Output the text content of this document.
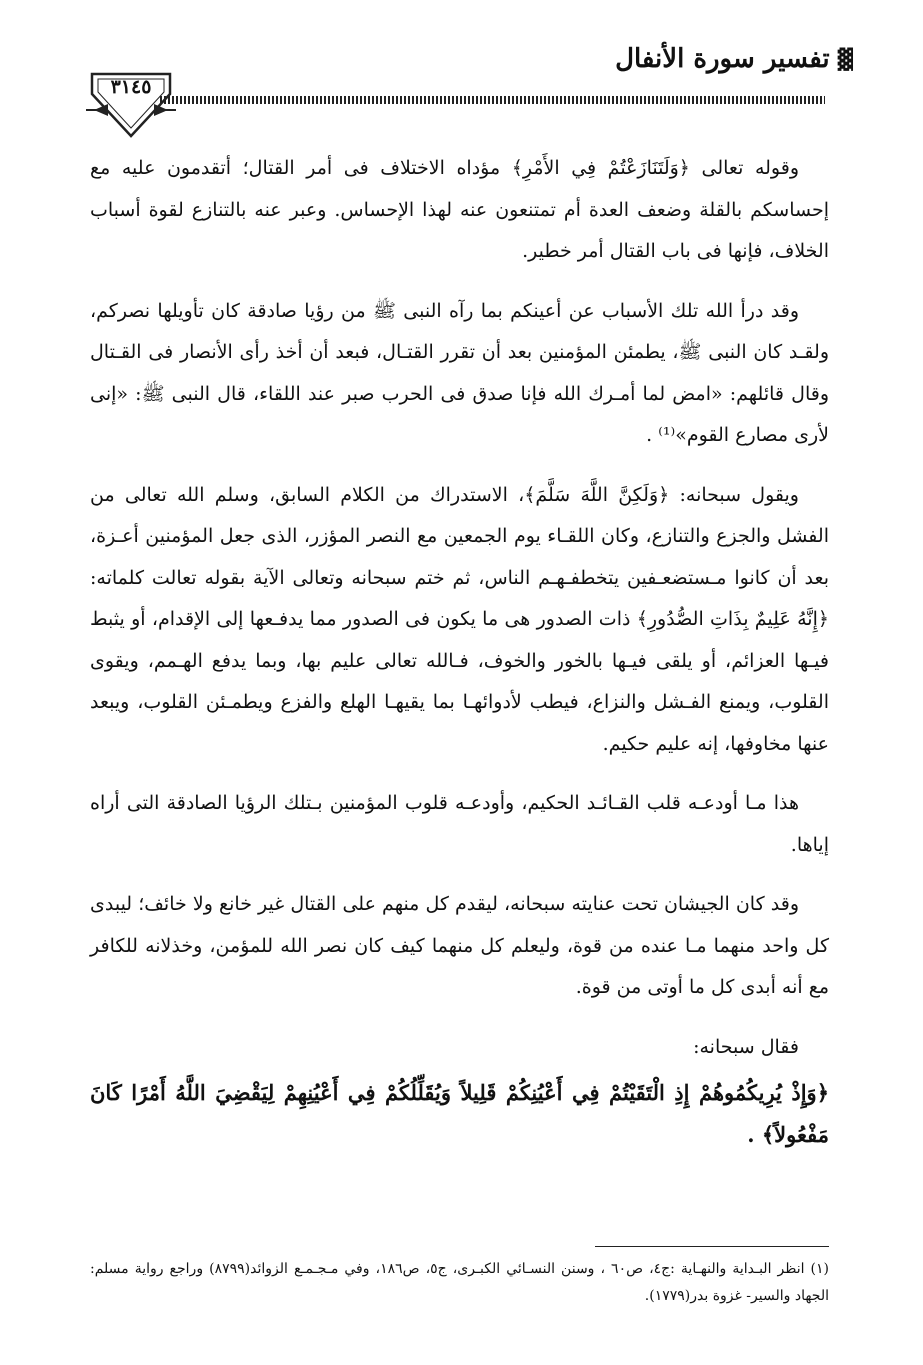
▓
تفسير سورة الأنفال
٣١٤٥

وقوله تعالى ﴿وَلَتَنَازَعْتُمْ فِي الأَمْرِ﴾ مؤداه الاختلاف فى أمر القتال؛ أتقدمون عليه مع إحساسكم بالقلة وضعف العدة أم تمتنعون عنه لهذا الإحساس. وعبر عنه بالتنازع لقوة أسباب الخلاف، فإنها فى باب القتال أمر خطير.

وقد درأ الله تلك الأسباب عن أعينكم بما رآه النبى ﷺ من رؤيا صادقة كان تأويلها نصركم، ولقـد كان النبى ﷺ، يطمئن المؤمنين بعد أن تقرر القتـال، فبعد أن أخذ رأى الأنصار فى القـتال وقال قائلهم: «امض لما أمـرك الله فإنا صدق فى الحرب صبر عند اللقاء، قال النبى ﷺ: «إنى لأرى مصارع القوم»⁽¹⁾ .

ويقول سبحانه: ﴿وَلَكِنَّ اللَّهَ سَلَّمَ﴾، الاستدراك من الكلام السابق، وسلم الله تعالى من الفشل والجزع والتنازع، وكان اللقـاء يوم الجمعين مع النصر المؤزر، الذى جعل المؤمنين أعـزة، بعد أن كانوا مـستضعـفين يتخطفـهـم الناس، ثم ختم سبحانه وتعالى الآية بقوله تعالت كلماته: ﴿إِنَّهُ عَلِيمٌ بِذَاتِ الصُّدُورِ﴾ ذات الصدور هى ما يكون فى الصدور مما يدفـعها إلى الإقدام، أو يثبط فيـها العزائم، أو يلقى فيـها بالخور والخوف، فـالله تعالى عليم بها، وبما يدفع الهـمم، ويقوى القلوب، ويمنع الفـشل والنزاع، فيطب لأدوائهـا بما يقيهـا الهلع والفزع ويطمـئن القلوب، ويبعد عنها مخاوفها، إنه عليم حكيم.

هذا مـا أودعـه قلب القـائـد الحكيم، وأودعـه قلوب المؤمنين بـتلك الرؤيا الصادقة التى أراه إياها.

وقد كان الجيشان تحت عنايته سبحانه، ليقدم كل منهم على القتال غير خانع ولا خائف؛ ليبدى كل واحد منهما مـا عنده من قوة، وليعلم كل منهما كيف كان نصر الله للمؤمن، وخذلانه للكافر مع أنه أبدى كل ما أوتى من قوة.

فقال سبحانه:

﴿وَإِذْ يُرِيكُمُوهُمْ إِذِ الْتَقَيْتُمْ فِي أَعْيُنِكُمْ قَلِيلاً وَيُقَلِّلُكُمْ فِي أَعْيُنِهِمْ لِيَقْضِيَ اللَّهُ أَمْرًا كَانَ مَفْعُولاً﴾ .

(١) انظر البـداية والنهـاية :ج٤، ص٦٠ ، وسنن النسـائي الكبـرى، ج٥، ص١٨٦، وفي مـجـمـع الزوائد(٨٧٩٩) وراجع رواية مسلم: الجهاد والسير- غزوة بدر(١٧٧٩).
